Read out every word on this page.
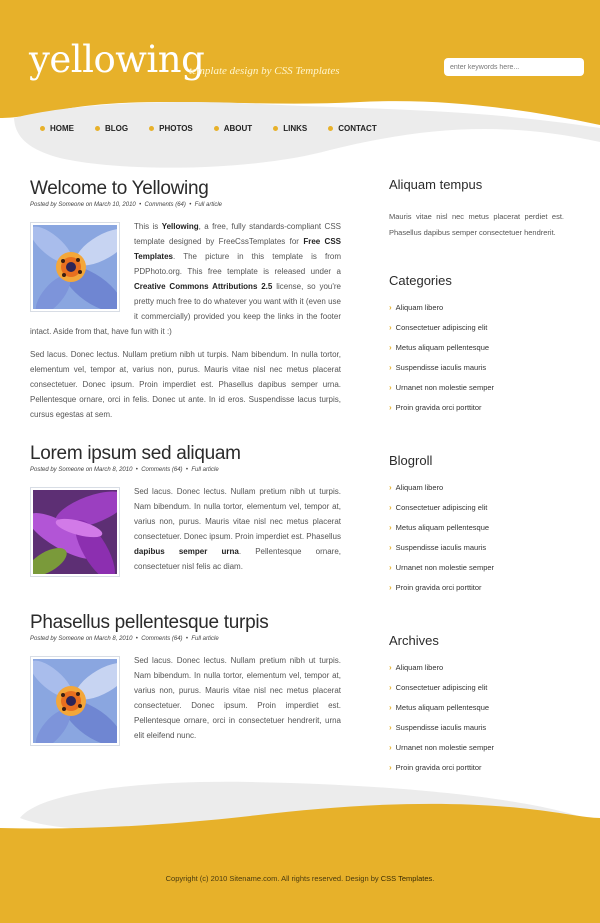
yellowing
template design by CSS Templates
enter keywords here...
HOME	BLOG	PHOTOS	ABOUT	LINKS	CONTACT
Welcome to Yellowing
Posted by Someone on March 10, 2010  •  Comments (64)  •  Full article

This is Yellowing, a free, fully standards-compliant CSS template designed by FreeCssTemplates for Free CSS Templates. The picture in this template is from PDPhoto.org. This free template is released under a Creative Commons Attributions 2.5 license, so you're pretty much free to do whatever you want with it (even use it commercially) provided you keep the links in the footer intact. Aside from that, have fun with it :)

Sed lacus. Donec lectus. Nullam pretium nibh ut turpis. Nam bibendum. In nulla tortor, elementum vel, tempor at, varius non, purus. Mauris vitae nisl nec metus placerat consectetuer. Donec ipsum. Proin imperdiet est. Phasellus dapibus semper urna. Pellentesque ornare, orci in felis. Donec ut ante. In id eros. Suspendisse lacus turpis, cursus egestas at sem.

Lorem ipsum sed aliquam
Posted by Someone on March 8, 2010  •  Comments (64)  •  Full article

Sed lacus. Donec lectus. Nullam pretium nibh ut turpis. Nam bibendum. In nulla tortor, elementum vel, tempor at, varius non, purus. Mauris vitae nisl nec metus placerat consectetuer. Donec ipsum. Proin imperdiet est. Phasellus dapibus semper urna. Pellentesque ornare, consectetuer nisl felis ac diam.

Phasellus pellentesque turpis
Posted by Someone on March 8, 2010  •  Comments (64)  •  Full article

Sed lacus. Donec lectus. Nullam pretium nibh ut turpis. Nam bibendum. In nulla tortor, elementum vel, tempor at, varius non, purus. Mauris vitae nisl nec metus placerat consectetuer. Donec ipsum. Proin imperdiet est. Pellentesque ornare, orci in consectetuer hendrerit, urna elit eleifend nunc.

Aliquam tempus
Mauris vitae nisl nec metus placerat perdiet est. Phasellus dapibus semper consectetuer hendrerit.
Categories
› Aliquam libero
› Consectetuer adipiscing elit
› Metus aliquam pellentesque
› Suspendisse iaculis mauris
› Urnanet non molestie semper
› Proin gravida orci porttitor
Blogroll
› Aliquam libero
› Consectetuer adipiscing elit
› Metus aliquam pellentesque
› Suspendisse iaculis mauris
› Urnanet non molestie semper
› Proin gravida orci porttitor
Archives
› Aliquam libero
› Consectetuer adipiscing elit
› Metus aliquam pellentesque
› Suspendisse iaculis mauris
› Urnanet non molestie semper
› Proin gravida orci porttitor
Copyright (c) 2010 Sitename.com. All rights reserved. Design by CSS Templates.
